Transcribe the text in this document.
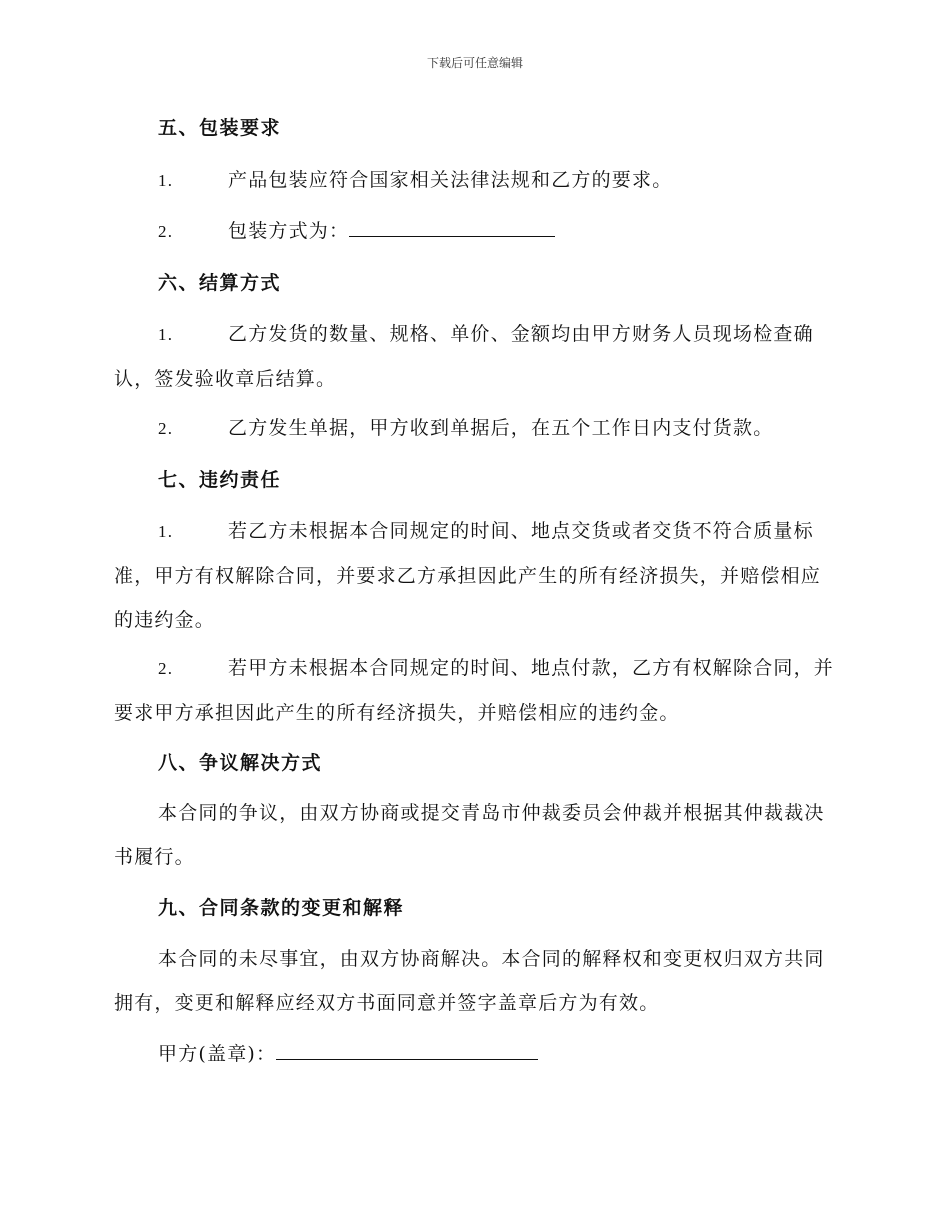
下载后可任意编辑
五、包装要求
1.	产品包装应符合国家相关法律法规和乙方的要求。
2.	包装方式为：
六、结算方式
1.	乙方发货的数量、规格、单价、金额均由甲方财务人员现场检查确认，签发验收章后结算。
2.	乙方发生单据，甲方收到单据后，在五个工作日内支付货款。
七、违约责任
1.	若乙方未根据本合同规定的时间、地点交货或者交货不符合质量标准，甲方有权解除合同，并要求乙方承担因此产生的所有经济损失，并赔偿相应的违约金。
2.	若甲方未根据本合同规定的时间、地点付款，乙方有权解除合同，并要求甲方承担因此产生的所有经济损失，并赔偿相应的违约金。
八、争议解决方式
本合同的争议，由双方协商或提交青岛市仲裁委员会仲裁并根据其仲裁裁决书履行。
九、合同条款的变更和解释
本合同的未尽事宜，由双方协商解决。本合同的解释权和变更权归双方共同拥有，变更和解释应经双方书面同意并签字盖章后方为有效。
甲方(盖章)：
